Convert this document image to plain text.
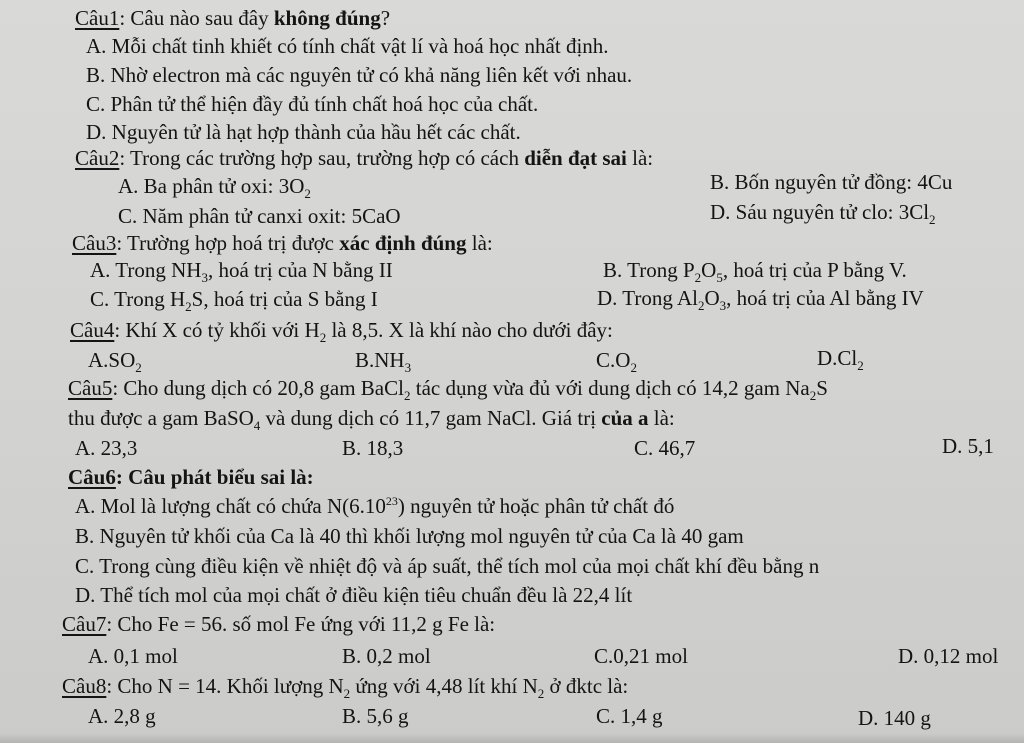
Câu1: Câu nào sau đây không đúng?
A. Mỗi chất tinh khiết có tính chất vật lí và hoá học nhất định.
B. Nhờ electron mà các nguyên tử có khả năng liên kết với nhau.
C. Phân tử thể hiện đầy đủ tính chất hoá học của chất.
D. Nguyên tử là hạt hợp thành của hầu hết các chất.
Câu2: Trong các trường hợp sau, trường hợp có cách diễn đạt sai là:
A. Ba phân tử oxi: $3O_2$	B. Bốn nguyên tử đồng: 4Cu
C. Năm phân tử canxi oxit: 5CaO	D. Sáu nguyên tử clo: $3Cl_2$
Câu3: Trường hợp hoá trị được xác định đúng là:
A. Trong $NH_3$, hoá trị của N bằng II	B. Trong $P_2O_5$, hoá trị của P bằng V.
C. Trong $H_2S$, hoá trị của S bằng I	D. Trong $Al_2O_3$, hoá trị của Al bằng IV
Câu4: Khí X có tỷ khối với $H_2$ là 8,5. X là khí nào cho dưới đây:
$A.SO_2$	$B.NH_3$	$C.O_2$	$D.Cl_2$
Câu5: Cho dung dịch có 20,8 gam BaCl$_2$ tác dụng vừa đủ với dung dịch có 14,2 gam $Na_2S$
thu được a gam BaSO$_4$ và dung dịch có 11,7 gam NaCl. Giá trị của a là:
A. 23,3	B. 18,3	C. 46,7	D. 5,1
Câu6: Câu phát biểu sai là:
A. Mol là lượng chất có chứa N(6.10$^{23}$) nguyên tử hoặc phân tử chất đó
B. Nguyên tử khối của Ca là 40 thì khối lượng mol nguyên tử của Ca là 40 gam
C. Trong cùng điều kiện về nhiệt độ và áp suất, thể tích mol của mọi chất khí đều bằng n
D. Thể tích mol của mọi chất ở điều kiện tiêu chuẩn đều là 22,4 lít
Câu7: Cho Fe = 56. số mol Fe ứng với 11,2 g Fe là:
A. 0,1 mol	B. 0,2 mol	C.0,21 mol	D. 0,12 mol
Câu8: Cho N = 14. Khối lượng $N_2$ ứng với 4,48 lít khí $N_2$ ở đktc là:
A. 2,8 g	B. 5,6 g	C. 1,4 g	D. 140 g
